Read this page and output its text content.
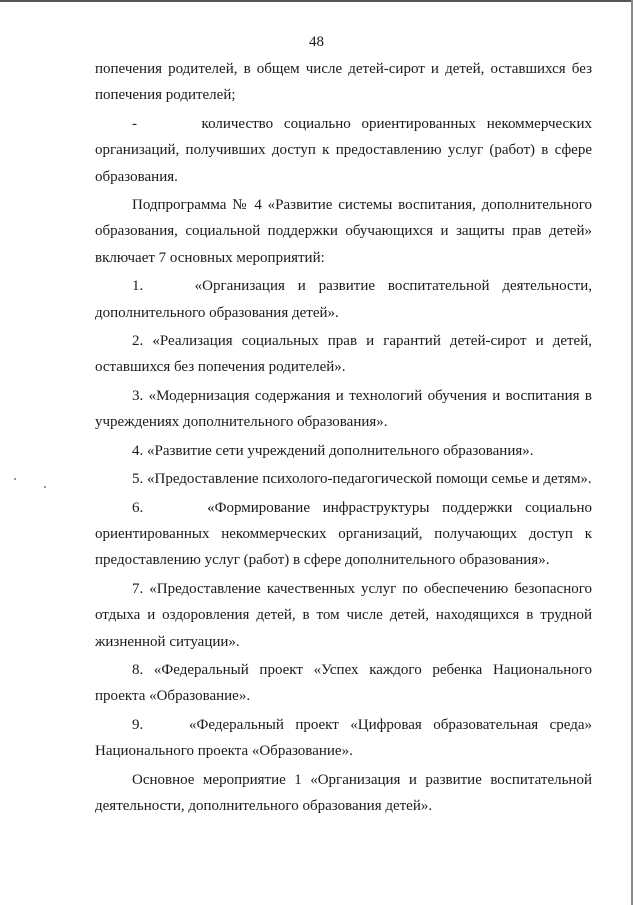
48

попечения родителей, в общем числе детей-сирот и детей, оставшихся без попечения родителей;

-      количество социально ориентированных некоммерческих организаций, получивших доступ к предоставлению услуг (работ) в сфере образования.

Подпрограмма № 4 «Развитие системы воспитания, дополнительного образования, социальной поддержки обучающихся и защиты прав детей» включает 7 основных мероприятий:

1.    «Организация и развитие воспитательной деятельности, дополнительного образования детей».

2. «Реализация социальных прав и гарантий детей-сирот и детей, оставшихся без попечения родителей».

3. «Модернизация содержания и технологий обучения и воспитания в учреждениях дополнительного образования».

4. «Развитие сети учреждений дополнительного образования».

5. «Предоставление психолого-педагогической помощи семье и детям».

6.     «Формирование инфраструктуры поддержки социально ориентированных некоммерческих организаций, получающих доступ к предоставлению услуг (работ) в сфере дополнительного образования».

7. «Предоставление качественных услуг по обеспечению безопасного отдыха и оздоровления детей, в том числе детей, находящихся в трудной жизненной ситуации».

8. «Федеральный проект «Успех каждого ребенка Национального проекта «Образование».

9.    «Федеральный проект «Цифровая образовательная среда» Национального проекта «Образование».

Основное мероприятие 1 «Организация и развитие воспитательной деятельности, дополнительного образования детей».
